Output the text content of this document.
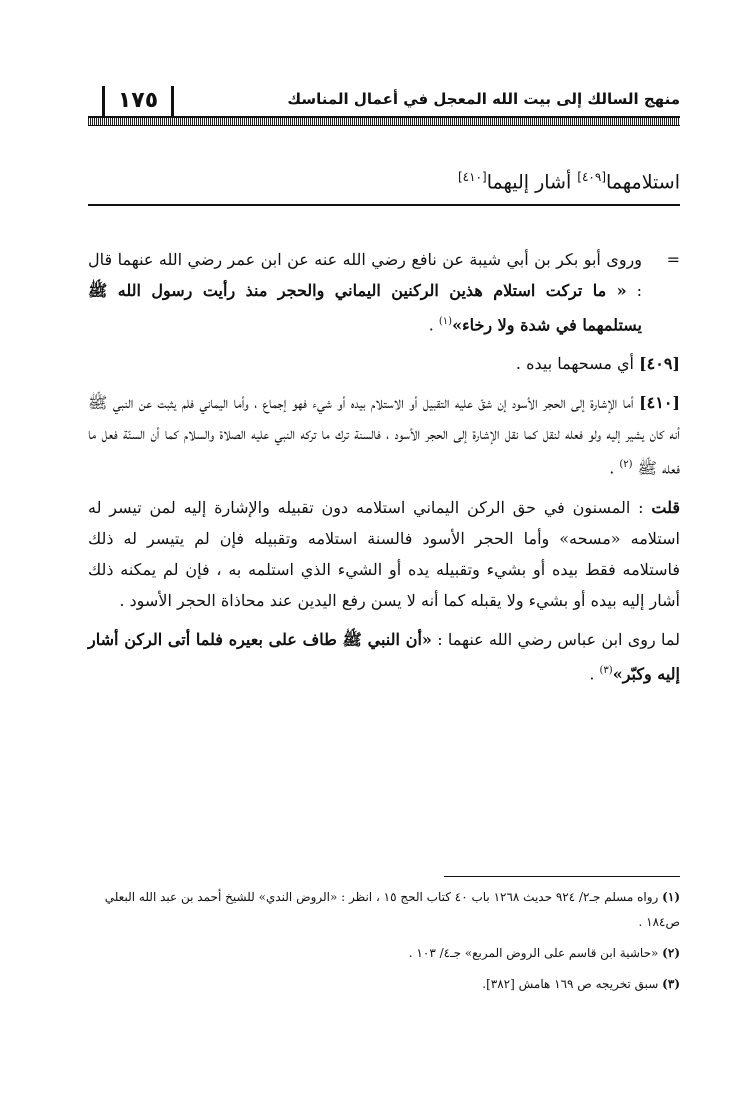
منهج السالك إلى بيت الله المعجل في أعمال المناسك
١٧٥
استلامهما[٤٠٩] أشار إليهما[٤١٠]

=
وروى أبو بكر بن أبي شيبة عن نافع رضي الله عنه عن ابن عمر رضي الله عنهما قال : « ما تركت استلام هذين الركنين اليماني والحجر منذ رأيت رسول الله ﷺ يستلمهما في شدة ولا رخاء»$^{(١)}$ .

[٤٠٩] أي مسحهما بيده .

[٤١٠] أما الإشارة إلى الحجر الأسود إن شقّ عليه التقبيل أو الاستلام بيده أو شيء فهو إجماع ، وأما اليماني فلم يثبت عن النبي ﷺ أنه كان يشير إليه ولو فعله لنقل كما نقل الإشارة إلى الحجر الأسود ، فالسنة ترك ما تركه النبي عليه الصلاة والسلام كما أن السنّة فعل ما فعله ﷺ $^{(٢)}$ .

قلت : المسنون في حق الركن اليماني استلامه دون تقبيله والإشارة إليه لمن تيسر له استلامه «مسحه» وأما الحجر الأسود فالسنة استلامه وتقبيله فإن لم يتيسر له ذلك فاستلامه فقط بيده أو بشيء وتقبيله يده أو الشيء الذي استلمه به ، فإن لم يمكنه ذلك أشار إليه بيده أو بشيء ولا يقبله كما أنه لا يسن رفع اليدين عند محاذاة الحجر الأسود .

لما روى ابن عباس رضي الله عنهما : «أن النبي ﷺ طاف على بعيره فلما أتى الركن أشار إليه وكبّر»$^{(٣)}$ .

(١) رواه مسلم جـ٢/ ٩٢٤ حديث ١٢٦٨ باب ٤٠ كتاب الحج ١٥ ، انظر : «الروض الندي» للشيخ أحمد بن عبد الله البعلي ص١٨٤ .

(٢) «حاشية ابن قاسم على الروض المربع» جـ٤/ ١٠٣ .

(٣) سبق تخريجه ص ١٦٩ هامش [٣٨٢].
